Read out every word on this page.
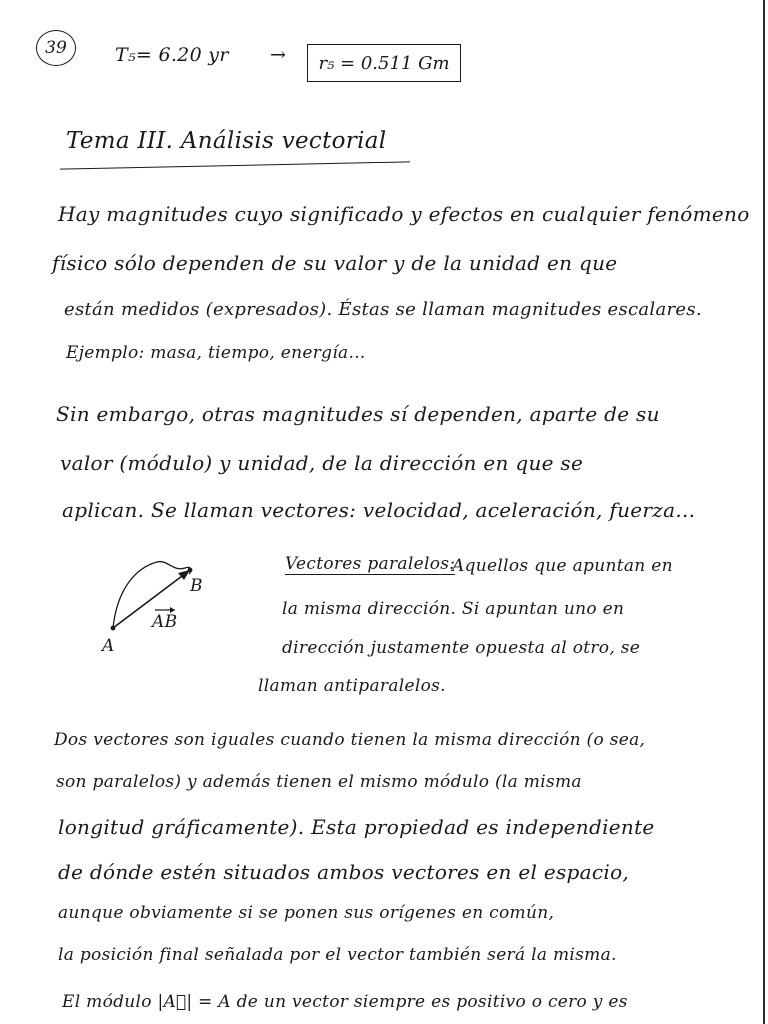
39	T₅= 6.20 yr → r₅ = 0.511 Gm
Tema III. Análisis vectorial
Hay magnitudes cuyo significado y efectos en cualquier fenómeno
físico sólo dependen de su valor y de la unidad en que
están medidos (expresados). Éstas se llaman magnitudes escalares.
Ejemplo: masa, tiempo, energía...
Sin embargo, otras magnitudes sí dependen, aparte de su
valor (módulo) y unidad, de la dirección en que se
aplican. Se llaman vectores: velocidad, aceleración, fuerza...
A
B
AB
Vectores paralelos:
Aquellos que apuntan en
la misma dirección. Si apuntan uno en
dirección justamente opuesta al otro, se
llaman antiparalelos.
Dos vectores son iguales cuando tienen la misma dirección (o sea,
son paralelos) y además tienen el mismo módulo (la misma
longitud gráficamente). Esta propiedad es independiente
de dónde estén situados ambos vectores en el espacio,
aunque obviamente si se ponen sus orígenes en común,
la posición final señalada por el vector también será la misma.
El módulo |A⃗| = A de un vector siempre es positivo o cero y es
